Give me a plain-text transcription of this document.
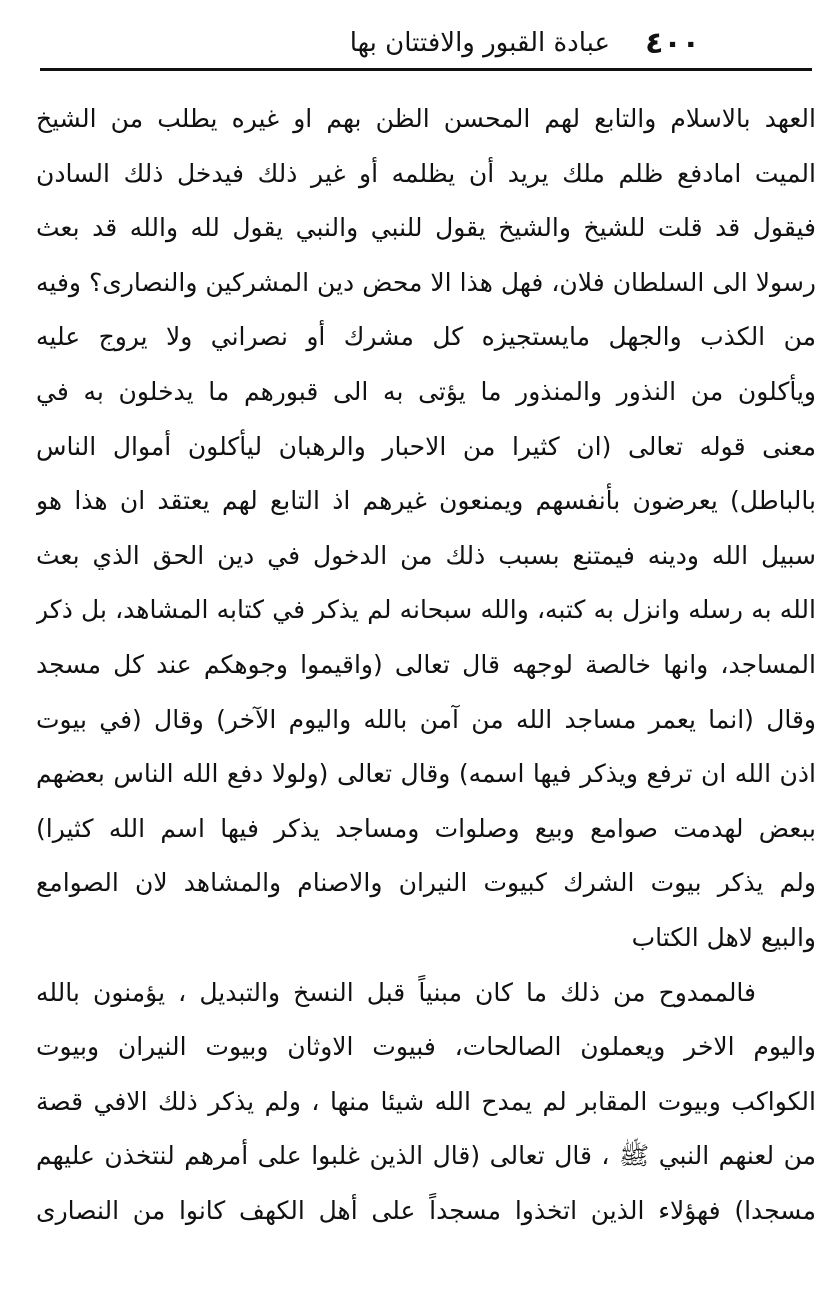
٤٠٠
عبادة القبور والافتتان بها
العهد بالاسلام والتابع لهم المحسن الظن بهم او غيره يطلب من الشيخ
الميت امادفع ظلم ملك يريد أن يظلمه أو غير ذلك فيدخل ذلك السادن
فيقول قد قلت للشيخ والشيخ يقول للنبي والنبي يقول لله والله قد بعث
رسولا الى السلطان فلان، فهل هذا الا محض دين المشركين والنصارى؟ وفيه
من الكذب والجهل مايستجيزه كل مشرك أو نصراني ولا يروج عليه
ويأكلون من النذور والمنذور ما يؤتى به الى قبورهم ما يدخلون به في
معنى قوله تعالى (ان كثيرا من الاحبار والرهبان ليأكلون أموال الناس
بالباطل) يعرضون بأنفسهم ويمنعون غيرهم اذ التابع لهم يعتقد ان هذا هو
سبيل الله ودينه فيمتنع بسبب ذلك من الدخول في دين الحق الذي بعث
الله به رسله وانزل به كتبه، والله سبحانه لم يذكر في كتابه المشاهد، بل ذكر
المساجد، وانها خالصة لوجهه قال تعالى (واقيموا وجوهكم عند كل مسجد
وقال (انما يعمر مساجد الله من آمن بالله واليوم الآخر) وقال (في بيوت
اذن الله ان ترفع ويذكر فيها اسمه) وقال تعالى (ولولا دفع الله الناس بعضهم
ببعض لهدمت صوامع وبيع وصلوات ومساجد يذكر فيها اسم الله كثيرا)
ولم يذكر بيوت الشرك كبيوت النيران والاصنام والمشاهد لان الصوامع
والبيع لاهل الكتاب
فالممدوح من ذلك ما كان مبنياً قبل النسخ والتبديل ، يؤمنون بالله
واليوم الاخر ويعملون الصالحات، فبيوت الاوثان وبيوت النيران وبيوت
الكواكب وبيوت المقابر لم يمدح الله شيئا منها ، ولم يذكر ذلك الافي قصة
من لعنهم النبي ﷺ ، قال تعالى (قال الذين غلبوا على أمرهم لنتخذن عليهم
مسجدا) فهؤلاء الذين اتخذوا مسجداً على أهل الكهف كانوا من النصارى
